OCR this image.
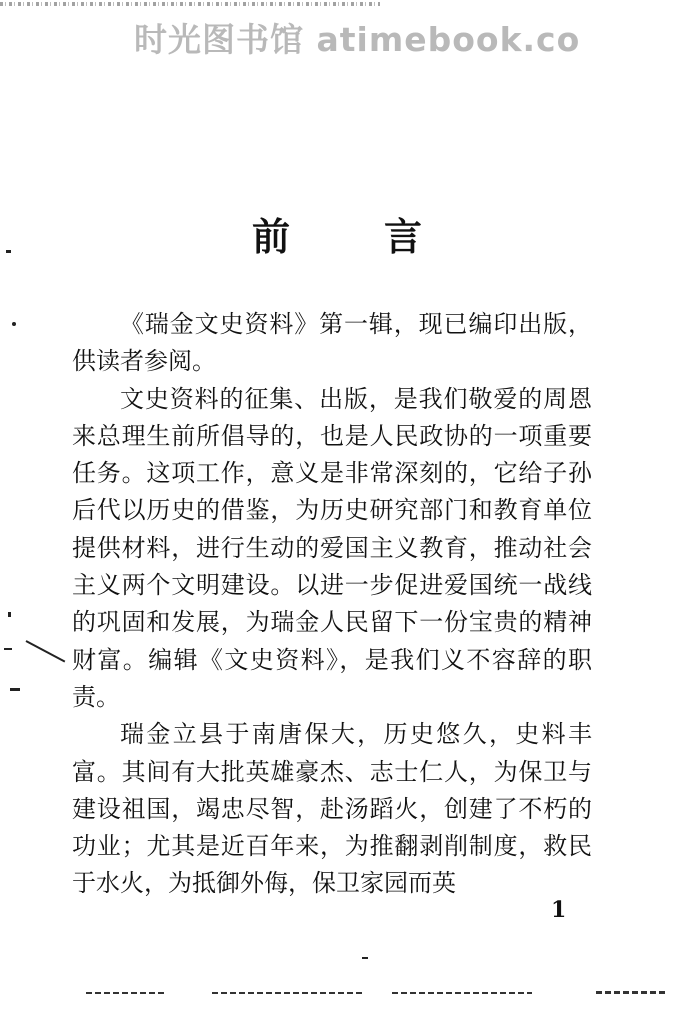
时光图书馆 atimebook.co
前 言

《瑞金文史资料》第一辑，现已编印出版，供读者参阅。

文史资料的征集、出版，是我们敬爱的周恩来总理生前所倡导的，也是人民政协的一项重要任务。这项工作，意义是非常深刻的，它给子孙后代以历史的借鉴，为历史研究部门和教育单位提供材料，进行生动的爱国主义教育，推动社会主义两个文明建设。以进一步促进爱国统一战线的巩固和发展，为瑞金人民留下一份宝贵的精神财富。编辑《文史资料》，是我们义不容辞的职责。

瑞金立县于南唐保大，历史悠久，史料丰富。其间有大批英雄豪杰、志士仁人，为保卫与建设祖国，竭忠尽智，赴汤蹈火，创建了不朽的功业；尤其是近百年来，为推翻剥削制度，救民于水火，为抵御外侮，保卫家园而英

1
